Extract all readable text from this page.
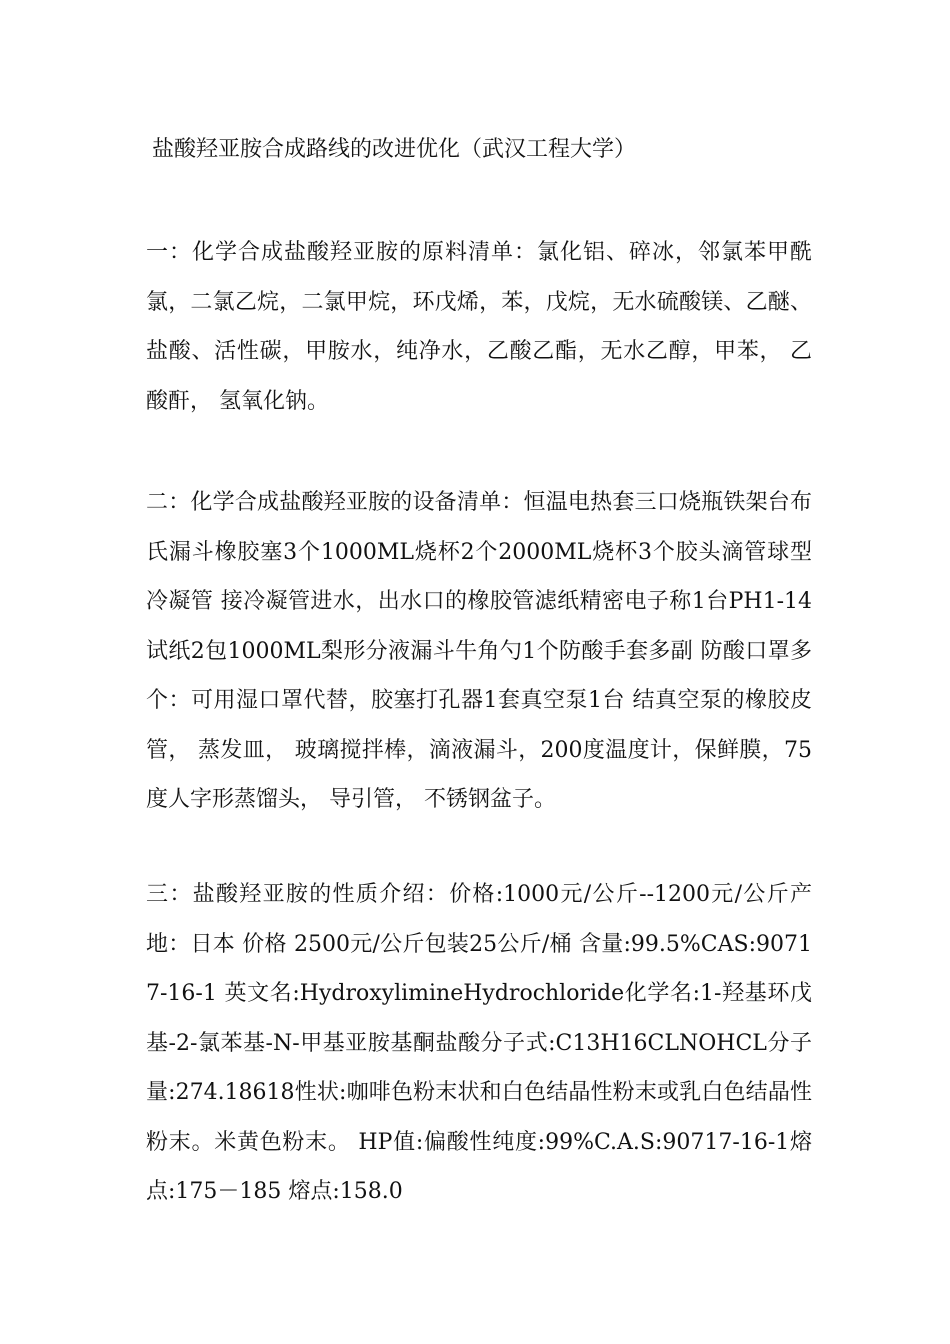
盐酸羟亚胺合成路线的改进优化（武汉工程大学）
一：化学合成盐酸羟亚胺的原料清单：氯化铝、碎冰，邻氯苯甲酰氯，二氯乙烷，二氯甲烷，环戊烯，苯，戊烷，无水硫酸镁、乙醚、盐酸、活性碳，甲胺水，纯净水，乙酸乙酯，无水乙醇，甲苯， 乙酸酐， 氢氧化钠。
二：化学合成盐酸羟亚胺的设备清单：恒温电热套三口烧瓶铁架台布氏漏斗橡胶塞3个1000ML烧杯2个2000ML烧杯3个胶头滴管球型冷凝管 接冷凝管进水，出水口的橡胶管滤纸精密电子称1台PH1-14试纸2包1000ML梨形分液漏斗牛角勺1个防酸手套多副 防酸口罩多个：可用湿口罩代替，胶塞打孔器1套真空泵1台 结真空泵的橡胶皮管， 蒸发皿， 玻璃搅拌棒，滴液漏斗，200度温度计，保鲜膜，75度人字形蒸馏头， 导引管， 不锈钢盆子。
三：盐酸羟亚胺的性质介绍：价格:1000元/公斤--1200元/公斤产地：日本 价格 2500元/公斤包装25公斤/桶 含量:99.5%CAS:90717-16-1 英文名:HydroxylimineHydrochloride化学名:1-羟基环戊基-2-氯苯基-N-甲基亚胺基酮盐酸分子式:C13H16CLNOHCL分子量:274.18618性状:咖啡色粉末状和白色结晶性粉末或乳白色结晶性粉末。米黄色粉末。 HP值:偏酸性纯度:99%C.A.S:90717-16-1熔点:175－185 熔点:158.0
